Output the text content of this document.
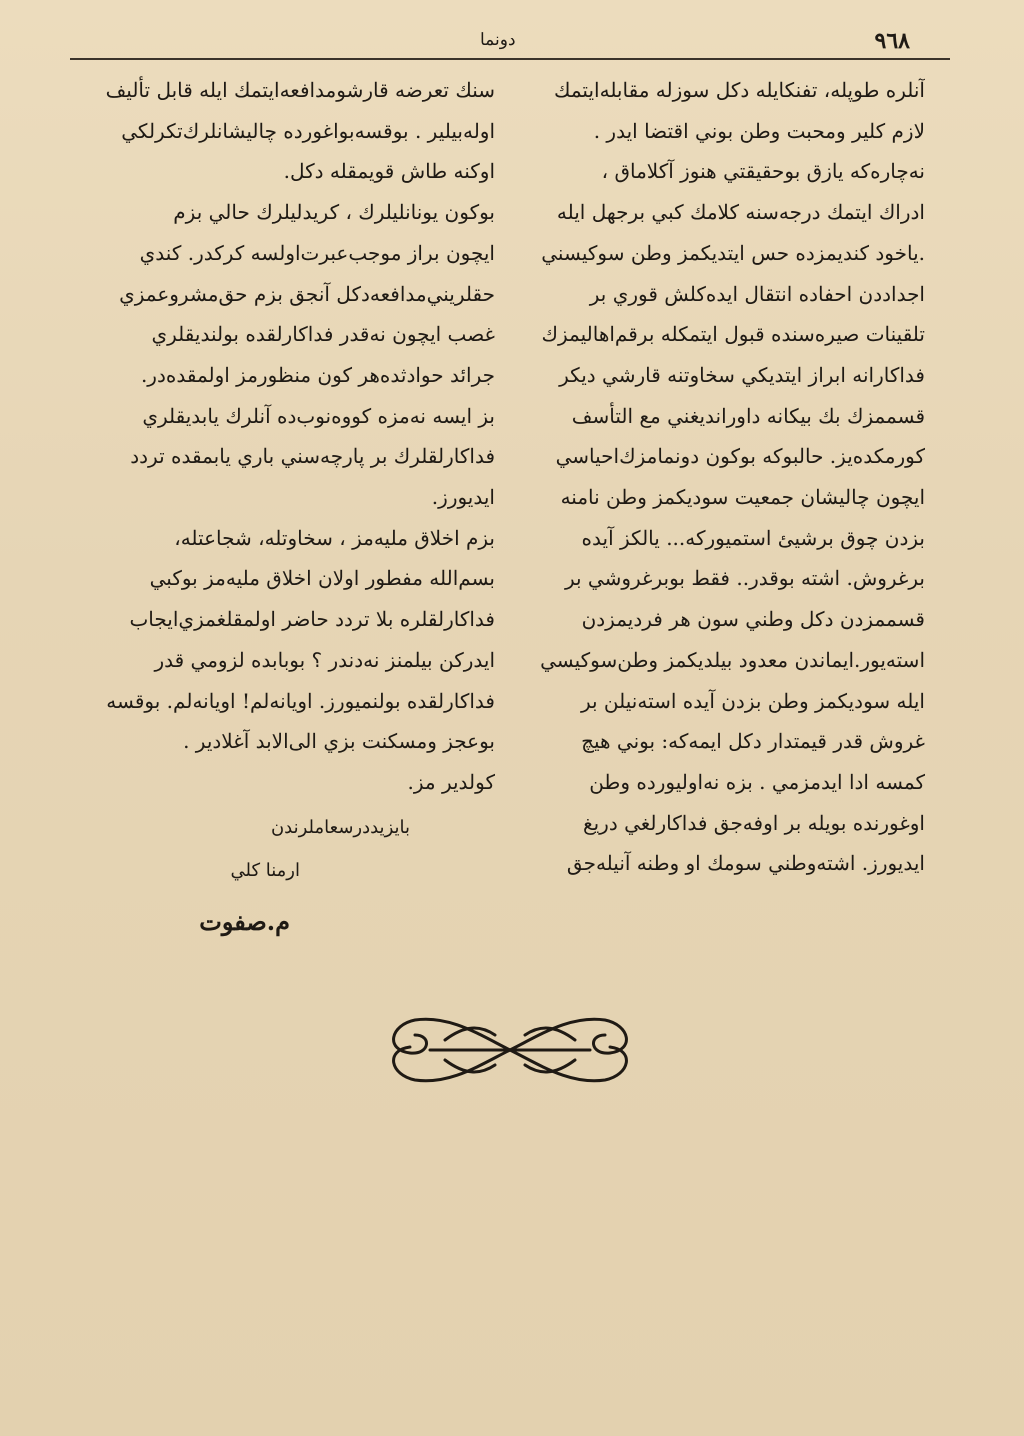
٩٦٨
دونما
آنلره طوپله، تفنكايله دكل سوزله مقابله‌ايتمك
لازم كلير ومحبت وطن بوني اقتضا ايدر .
نه‌چاره‌كه يازق بوحقيقتي هنوز آكلاماق ،
ادراك ايتمك درجه‌سنه كلامك كبي برجهل ايله
.ياخود كنديمزده حس ايتديكمز وطن سوكيسني
اجداددن احفاده انتقال ايده‌كلش قوري بر
تلقينات صيره‌سنده قبول ايتمكله برقم‌اهاليمزك
فداكارانه ابراز ايتديكي سخاوتنه قارشي ديكر
قسممزك بك بيكانه داورانديغني مع التأسف
كورمكده‌يز. حالبوكه بوكون دونمامزك‌احياسي
ايچون چاليشان جمعيت سوديكمز وطن نامنه
بزدن چوق برشيئ استميوركه... يالكز آيده
برغروش. اشته بوقدر.. فقط بوبرغروشي بر
قسممزدن دكل وطني سون هر فرديمزدن
استه‌يور.ايماندن معدود بيلديكمز وطن‌سوكيسي
ايله سوديكمز وطن بزدن آيده استه‌نيلن بر
غروش قدر قيمتدار دكل ايمه‌كه: بوني هيچ
كمسه ادا ايدمزمي . بزه نه‌اوليورده وطن
اوغورنده بويله بر اوفه‌جق فداكارلغي دريغ
ايديورز. اشته‌وطني سومك او وطنه آنيله‌جق
سنك تعرضه قارشومدافعه‌ايتمك ايله قابل تأليف
اوله‌بيلير . بوقسه‌بواغورده چاليشانلرك‌تكرلكي
اوكنه طاش قويمقله دكل.
بوكون يونانليلرك ، كريدليلرك حالي بزم
ايچون براز موجب‌عبرت‌اولسه كركدر. كندي
حقلريني‌مدافعه‌دكل آنجق بزم حق‌مشروعمزي
غصب ايچون نه‌قدر فداكارلقده بولنديقلري
جرائد حوادثده‌هر كون منظورمز اولمقده‌در.
بز ايسه نه‌مزه كووه‌نوب‌ده آنلرك يابديقلري
فداكارلقلرك بر پارچه‌سني باري يابمقده تردد
ايديورز.
بزم اخلاق مليه‌مز ، سخاوتله، شجاعتله،
بسم‌الله مفطور اولان اخلاق مليه‌مز بوكبي
فداكارلقلره بلا تردد حاضر اولمقلغمزي‌ايجاب
ايدركن بيلمنز نه‌دندر ؟ بوبابده لزومي قدر
فداكارلقده بولنميورز. اويانه‌لم! اويانه‌لم. بوقسه
بوعجز ومسكنت بزي الى‌الابد آغلادير .
كولدير مز.
بايزيددرسعاملرندن
ارمنا كلي
م.صفوت
